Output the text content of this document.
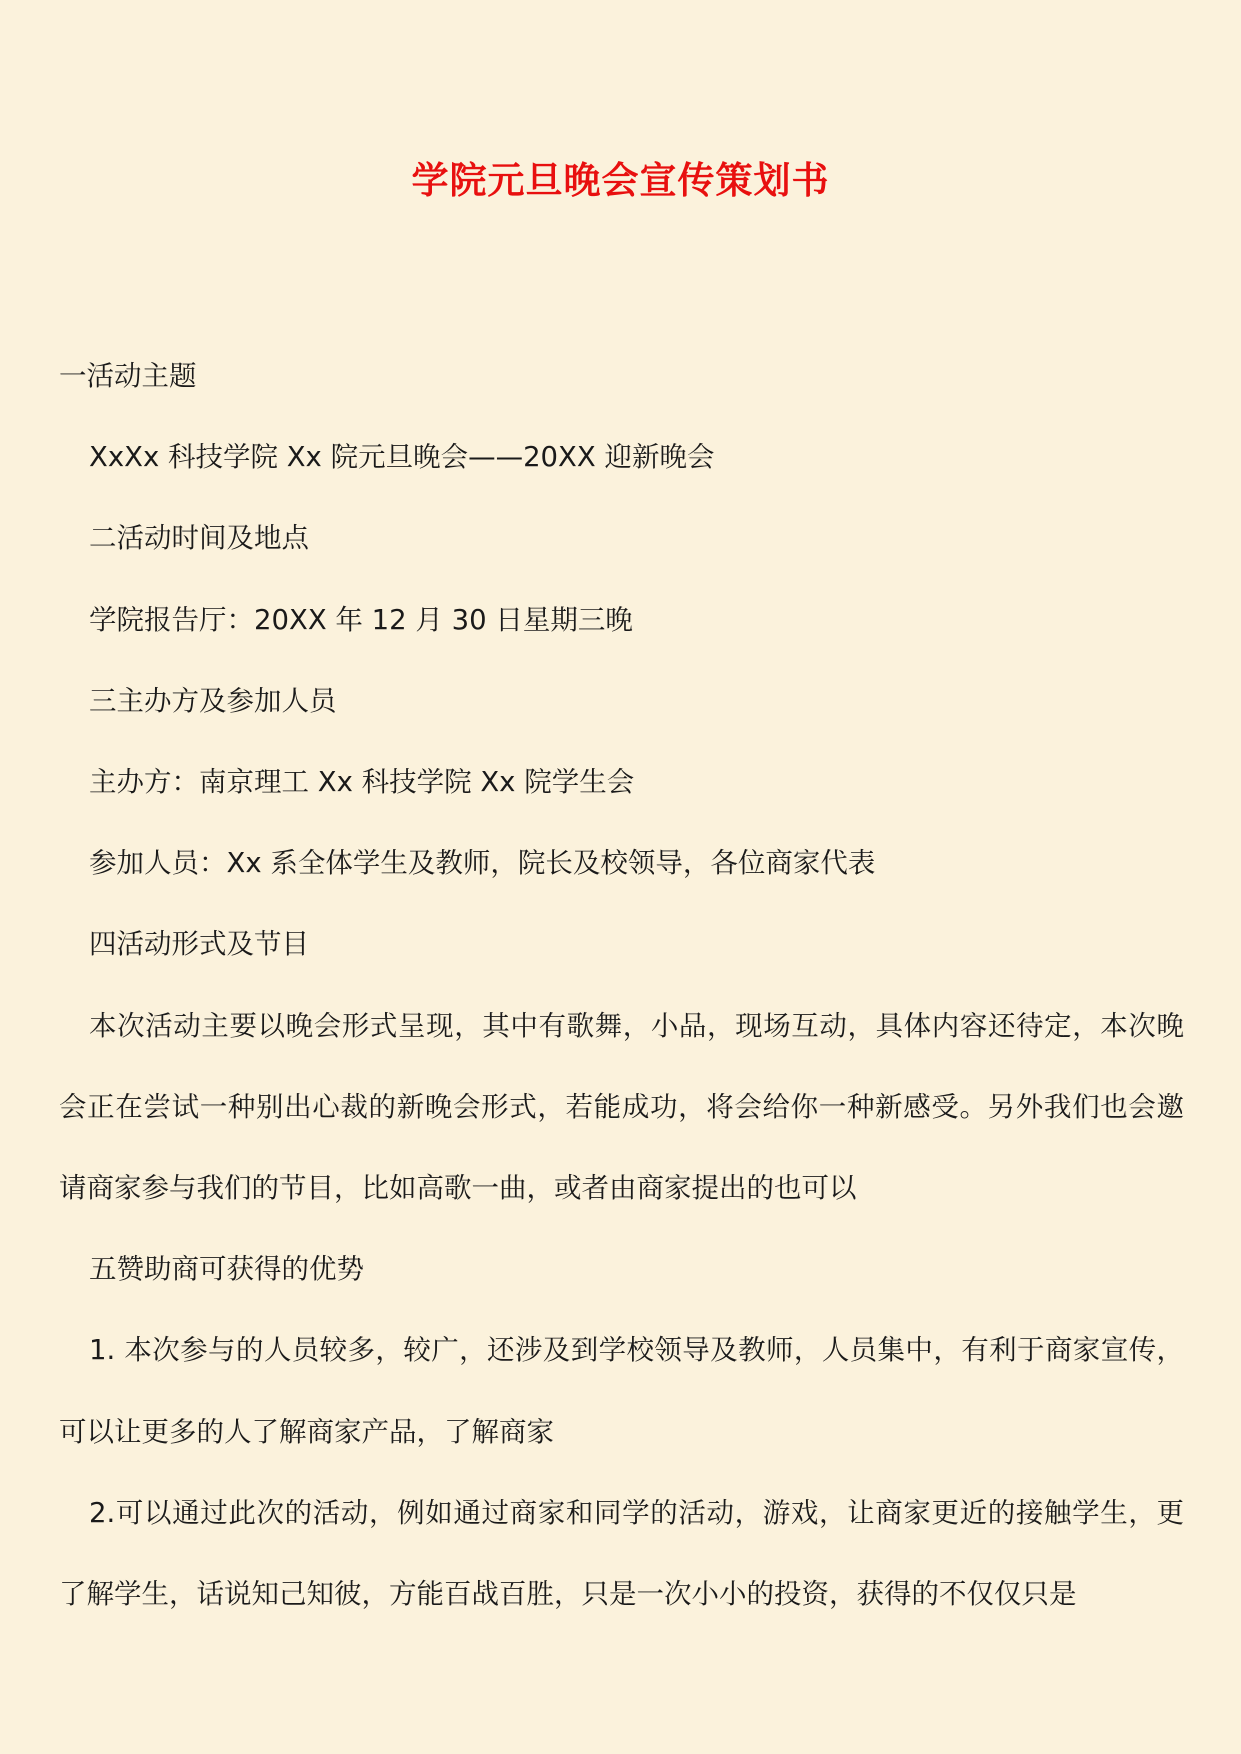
学院元旦晚会宣传策划书

一活动主题

XxXx 科技学院 Xx 院元旦晚会——20XX 迎新晚会

二活动时间及地点

学院报告厅：20XX 年 12 月 30 日星期三晚

三主办方及参加人员

主办方：南京理工 Xx 科技学院 Xx 院学生会

参加人员：Xx 系全体学生及教师，院长及校领导，各位商家代表

四活动形式及节目

本次活动主要以晚会形式呈现，其中有歌舞，小品，现场互动，具体内容还待定，本次晚会正在尝试一种别出心裁的新晚会形式，若能成功，将会给你一种新感受。另外我们也会邀请商家参与我们的节目，比如高歌一曲，或者由商家提出的也可以

五赞助商可获得的优势

1. 本次参与的人员较多，较广，还涉及到学校领导及教师，人员集中，有利于商家宣传，可以让更多的人了解商家产品，了解商家

2.可以通过此次的活动，例如通过商家和同学的活动，游戏，让商家更近的接触学生，更了解学生，话说知己知彼，方能百战百胜，只是一次小小的投资，获得的不仅仅只是
